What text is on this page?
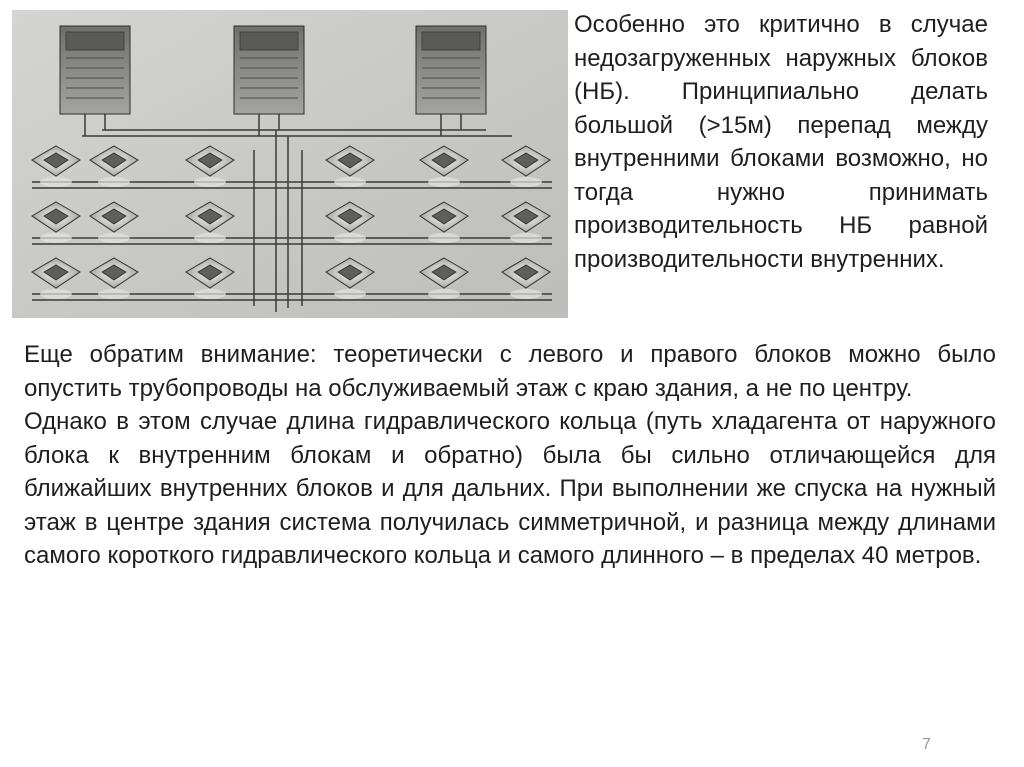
Особенно это критично в случае недозагруженных наружных блоков (НБ). Принципиально делать большой (>15м) перепад между внутренними блоками возможно, но тогда нужно принимать производительность НБ равной производительности внутренних.

Еще обратим внимание: теоретически с левого и правого блоков можно было опустить трубопроводы на обслуживаемый этаж с краю здания, а не по центру.

Однако в этом случае длина гидравлического кольца (путь хладагента от наружного блока к внутренним блокам и обратно) была бы сильно отличающейся для ближайших внутренних блоков и для дальних. При выполнении же спуска на нужный этаж в центре здания система получилась симметричной, и разница между длинами самого короткого гидравлического кольца и самого длинного – в пределах 40 метров.

7
